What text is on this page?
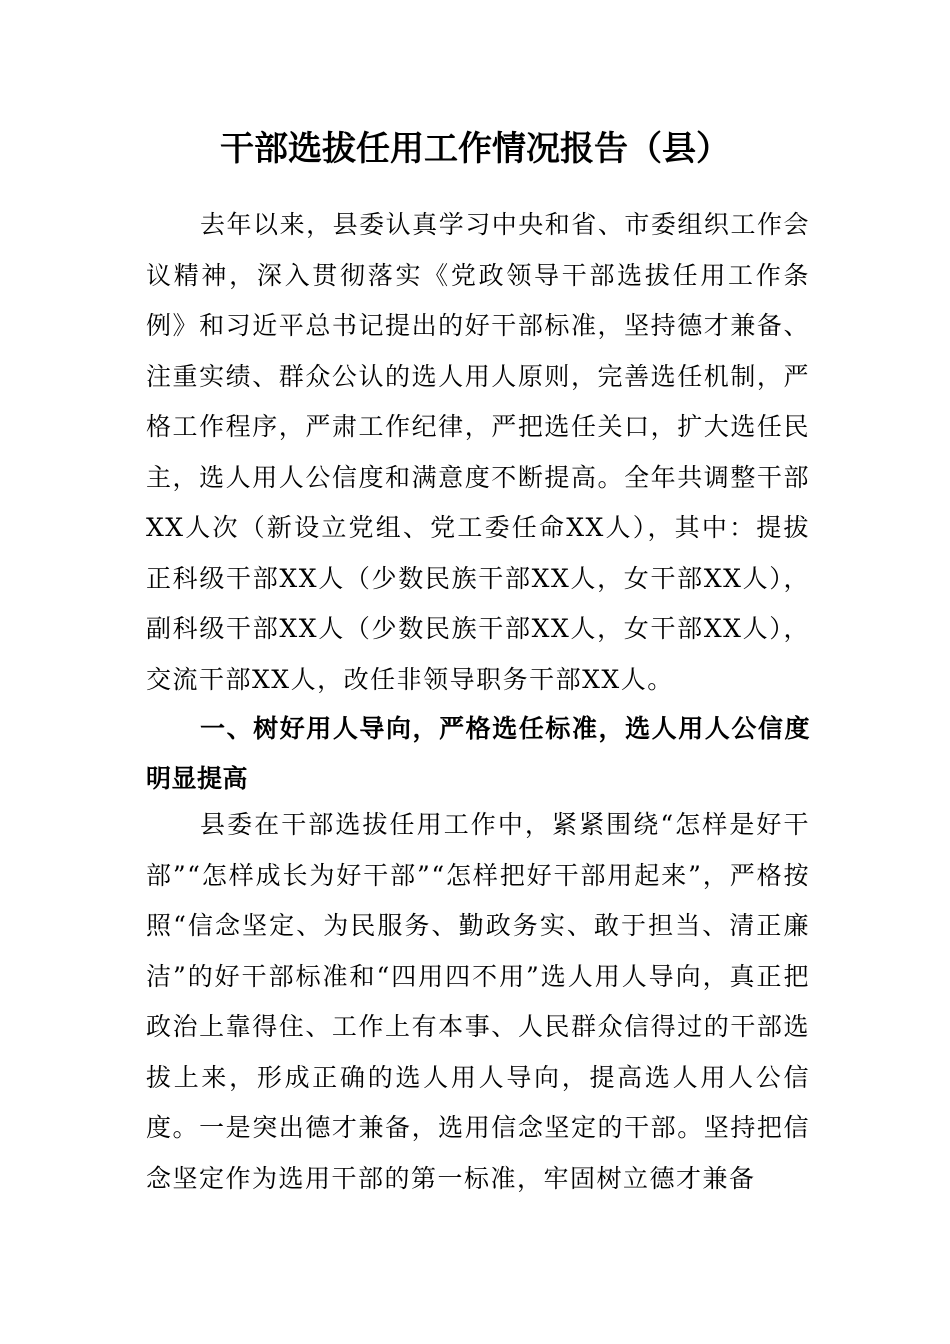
干部选拔任用工作情况报告（县）

去年以来，县委认真学习中央和省、市委组织工作会议精神，深入贯彻落实《党政领导干部选拔任用工作条例》和习近平总书记提出的好干部标准，坚持德才兼备、注重实绩、群众公认的选人用人原则，完善选任机制，严格工作程序，严肃工作纪律，严把选任关口，扩大选任民主，选人用人公信度和满意度不断提高。全年共调整干部XX人次（新设立党组、党工委任命XX人），其中：提拔正科级干部XX人（少数民族干部XX人，女干部XX人），副科级干部XX人（少数民族干部XX人，女干部XX人），交流干部XX人，改任非领导职务干部XX人。

一、树好用人导向，严格选任标准，选人用人公信度明显提高

县委在干部选拔任用工作中，紧紧围绕“怎样是好干部”“怎样成长为好干部”“怎样把好干部用起来”，严格按照“信念坚定、为民服务、勤政务实、敢于担当、清正廉洁”的好干部标准和“四用四不用”选人用人导向，真正把政治上靠得住、工作上有本事、人民群众信得过的干部选拔上来，形成正确的选人用人导向，提高选人用人公信度。一是突出德才兼备，选用信念坚定的干部。坚持把信念坚定作为选用干部的第一标准，牢固树立德才兼备
